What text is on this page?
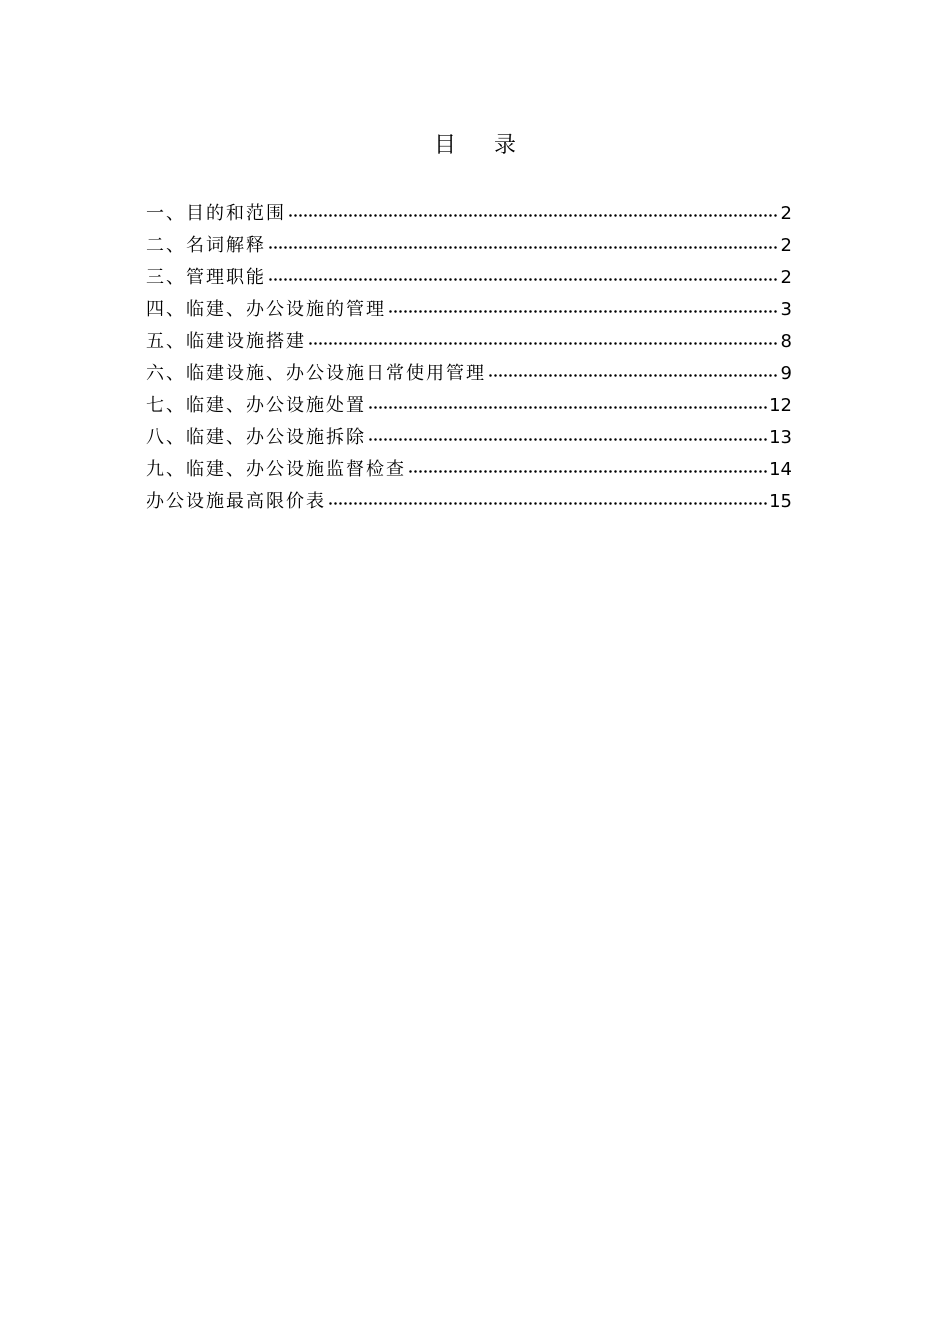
目 录
一、目的和范围	2
二、名词解释	2
三、管理职能	2
四、临建、办公设施的管理	3
五、临建设施搭建	8
六、临建设施、办公设施日常使用管理	9
七、临建、办公设施处置	12
八、临建、办公设施拆除	13
九、临建、办公设施监督检查	14
办公设施最高限价表	15
